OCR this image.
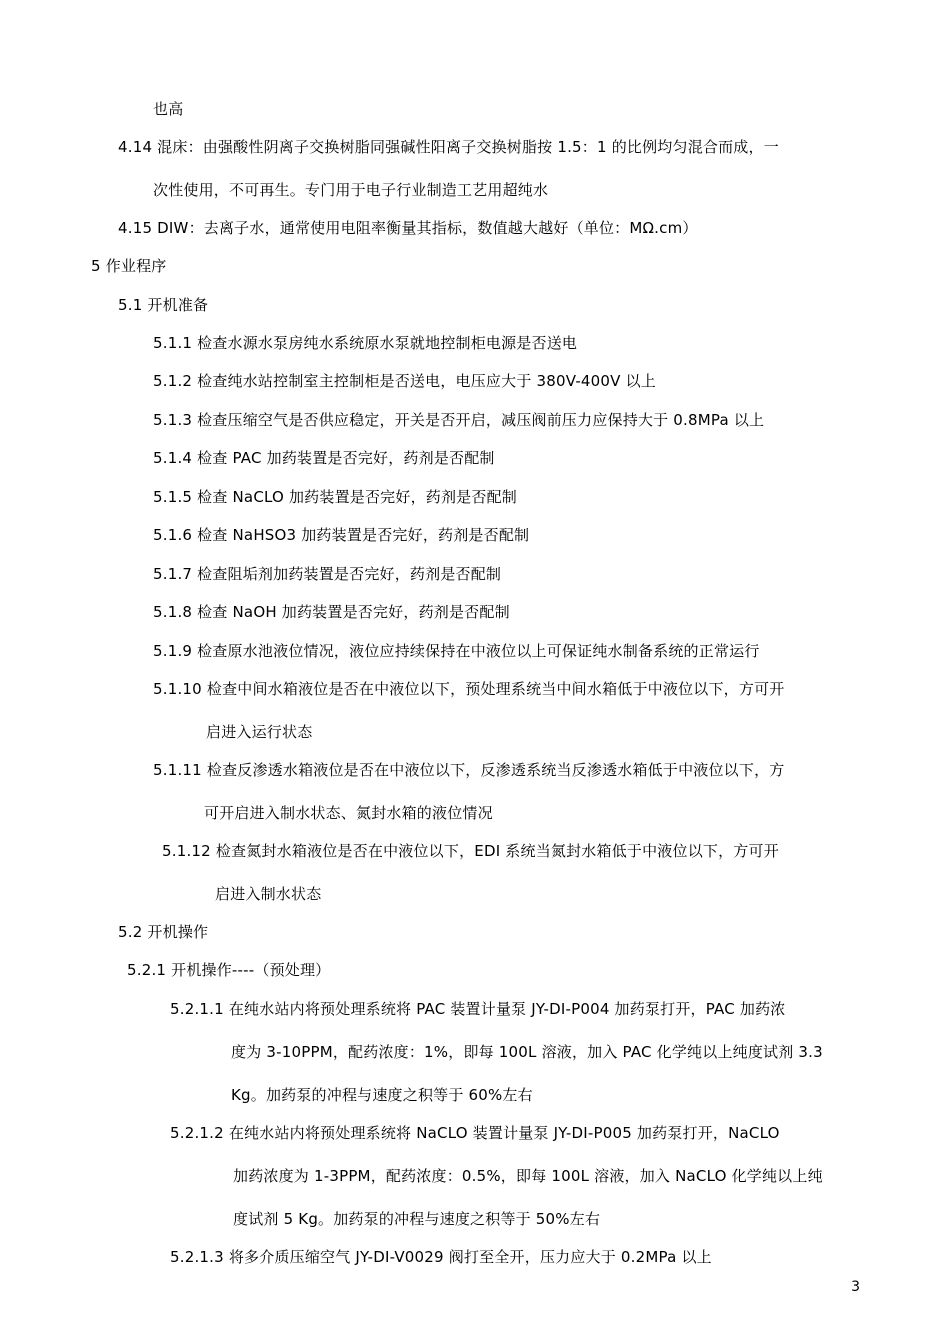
也高
4.14 混床：由强酸性阴离子交换树脂同强碱性阳离子交换树脂按 1.5：1 的比例均匀混合而成，一
次性使用，不可再生。专门用于电子行业制造工艺用超纯水
4.15 DIW：去离子水，通常使用电阻率衡量其指标，数值越大越好（单位：MΩ.cm）
5 作业程序
5.1 开机准备
5.1.1 检查水源水泵房纯水系统原水泵就地控制柜电源是否送电
5.1.2 检查纯水站控制室主控制柜是否送电，电压应大于 380V-400V 以上
5.1.3 检查压缩空气是否供应稳定，开关是否开启，减压阀前压力应保持大于 0.8MPa 以上
5.1.4 检查 PAC 加药装置是否完好，药剂是否配制
5.1.5 检查 NaCLO 加药装置是否完好，药剂是否配制
5.1.6 检查 NaHSO3 加药装置是否完好，药剂是否配制
5.1.7 检查阻垢剂加药装置是否完好，药剂是否配制
5.1.8 检查 NaOH 加药装置是否完好，药剂是否配制
5.1.9 检查原水池液位情况，液位应持续保持在中液位以上可保证纯水制备系统的正常运行
5.1.10 检查中间水箱液位是否在中液位以下，预处理系统当中间水箱低于中液位以下，方可开
启进入运行状态
5.1.11 检查反渗透水箱液位是否在中液位以下，反渗透系统当反渗透水箱低于中液位以下，方
可开启进入制水状态、氮封水箱的液位情况
5.1.12 检查氮封水箱液位是否在中液位以下，EDI 系统当氮封水箱低于中液位以下，方可开
启进入制水状态
5.2 开机操作
5.2.1 开机操作----（预处理）
5.2.1.1 在纯水站内将预处理系统将 PAC 装置计量泵 JY-DI-P004 加药泵打开，PAC 加药浓
度为 3-10PPM，配药浓度：1%，即每 100L 溶液，加入 PAC 化学纯以上纯度试剂 3.3
Kg。加药泵的冲程与速度之积等于 60%左右
5.2.1.2 在纯水站内将预处理系统将 NaCLO 装置计量泵 JY-DI-P005 加药泵打开，NaCLO
加药浓度为 1-3PPM，配药浓度：0.5%，即每 100L 溶液，加入 NaCLO 化学纯以上纯
度试剂 5 Kg。加药泵的冲程与速度之积等于 50%左右
5.2.1.3 将多介质压缩空气 JY-DI-V0029 阀打至全开，压力应大于 0.2MPa 以上
3
